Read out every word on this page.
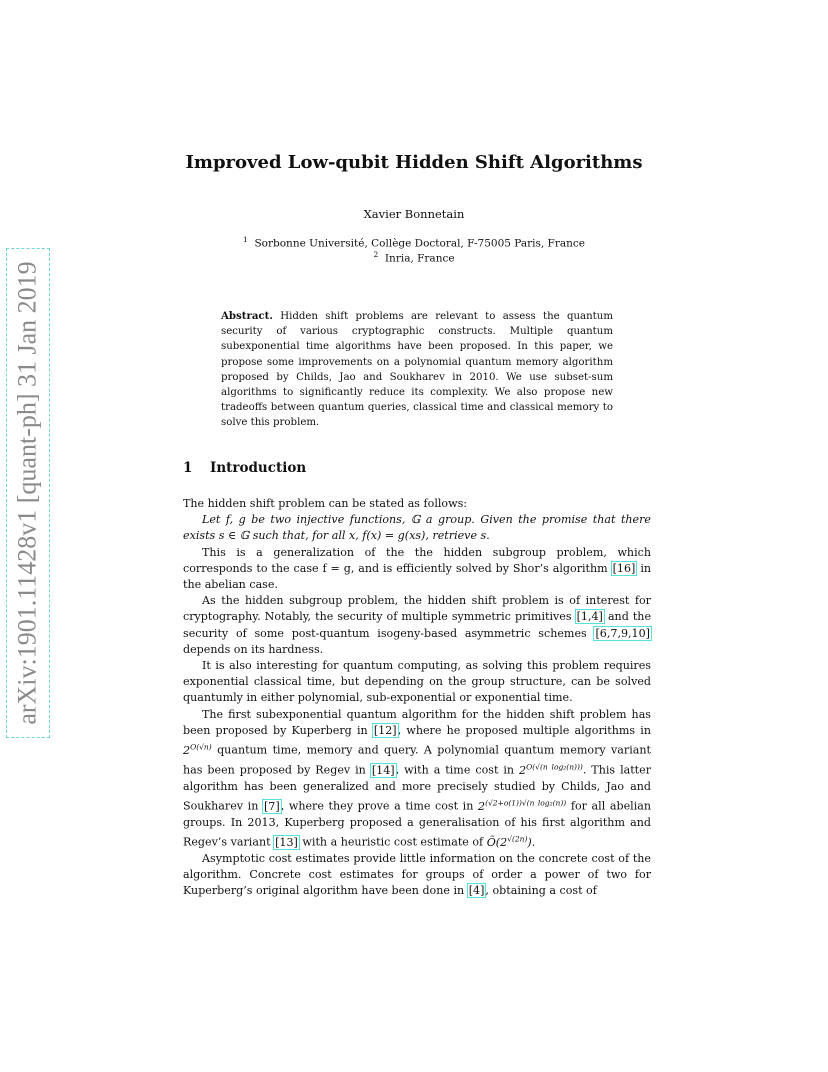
arXiv:1901.11428v1 [quant-ph] 31 Jan 2019
Improved Low-qubit Hidden Shift Algorithms
Xavier Bonnetain
$^1$ Sorbonne Université, Collège Doctoral, F-75005 Paris, France
$^2$ Inria, France

Abstract. Hidden shift problems are relevant to assess the quantum security of various cryptographic constructs. Multiple quantum subexponential time algorithms have been proposed. In this paper, we propose some improvements on a polynomial quantum memory algorithm proposed by Childs, Jao and Soukharev in 2010. We use subset-sum algorithms to significantly reduce its complexity. We also propose new tradeoffs between quantum queries, classical time and classical memory to solve this problem.

1 Introduction

The hidden shift problem can be stated as follows:

Let f, g be two injective functions, 𝔾 a group. Given the promise that there exists s ∈ 𝔾 such that, for all x, f(x) = g(xs), retrieve s.

This is a generalization of the the hidden subgroup problem, which corresponds to the case f = g, and is efficiently solved by Shor’s algorithm [16] in the abelian case.

As the hidden subgroup problem, the hidden shift problem is of interest for cryptography. Notably, the security of multiple symmetric primitives [1,4] and the security of some post-quantum isogeny-based asymmetric schemes [6,7,9,10] depends on its hardness.

It is also interesting for quantum computing, as solving this problem requires exponential classical time, but depending on the group structure, can be solved quantumly in either polynomial, sub-exponential or exponential time.

The first subexponential quantum algorithm for the hidden shift problem has been proposed by Kuperberg in [12], where he proposed multiple algorithms in $2^{O(√n)}$ quantum time, memory and query. A polynomial quantum memory variant has been proposed by Regev in [14], with a time cost in $2^{O(√(n log_2(n)))}$. This latter algorithm has been generalized and more precisely studied by Childs, Jao and Soukharev in [7], where they prove a time cost in $2^{(√2+o(1))√(n log_2(n))}$ for all abelian groups. In 2013, Kuperberg proposed a generalisation of his first algorithm and Regev’s variant [13] with a heuristic cost estimate of $Õ(2^{√(2n)})$.

Asymptotic cost estimates provide little information on the concrete cost of the algorithm. Concrete cost estimates for groups of order a power of two for Kuperberg’s original algorithm have been done in [4], obtaining a cost of
